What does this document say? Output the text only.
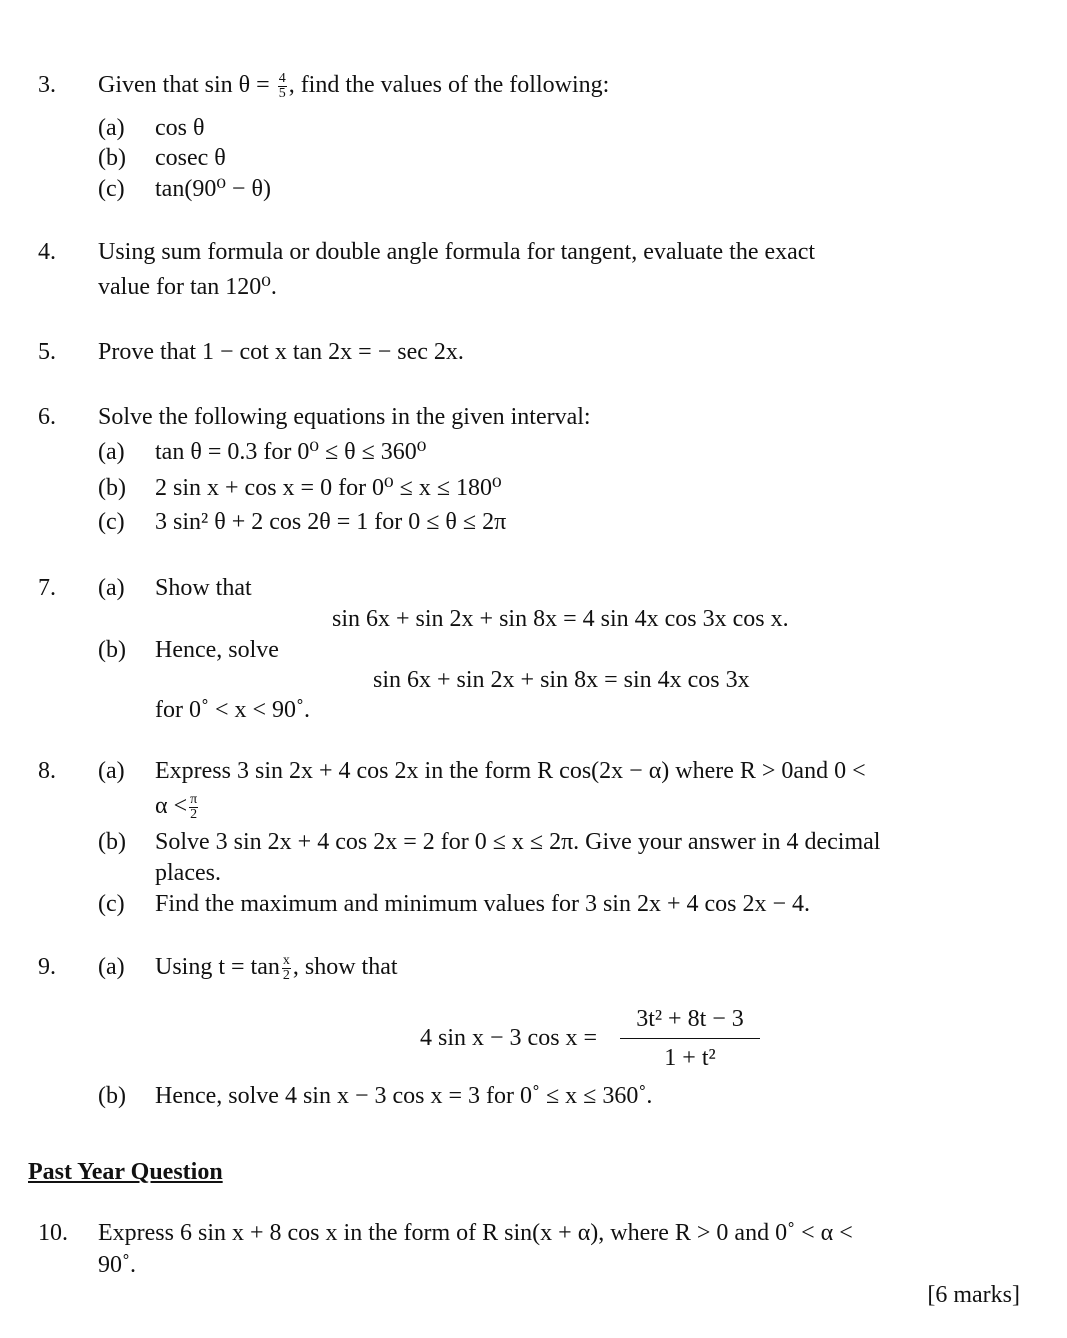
3. Given that $\sin \theta = \frac{4}{5}$ , find the values of the following:
(a) cos θ
(b) cosec θ
(c) tan(90⁰ − θ)
4. Using sum formula or double angle formula for tangent, evaluate the exact
value for tan 120⁰.
5. Prove that 1 − cot x tan 2x = − sec 2x.
6. Solve the following equations in the given interval:
(a) tan θ = 0.3 for 0⁰ ≤ θ ≤ 360⁰
(b) 2 sin x + cos x = 0 for 0⁰ ≤ x ≤ 180⁰
(c) 3 sin² θ + 2 cos 2θ = 1 for 0 ≤ θ ≤ 2π
7. (a) Show that
sin 6x + sin 2x + sin 8x = 4 sin 4x cos 3x cos x.
(b) Hence, solve
sin 6x + sin 2x + sin 8x = sin 4x cos 3x
for 0˚ < x < 90˚.
8. (a) Express 3 sin 2x + 4 cos 2x in the form R cos(2x − α) where R > 0and 0 <
$\alpha < \frac{\pi}{2}$
(b) Solve 3 sin 2x + 4 cos 2x = 2 for 0 ≤ x ≤ 2π. Give your answer in 4 decimal
places.
(c) Find the maximum and minimum values for 3 sin 2x + 4 cos 2x − 4.
9. (a) Using $t = \tan \frac{x}{2}$ , show that
4 sin x − 3 $\cos x = \frac{\text{3t² + 8t − 3}}{\text{1 + t²}}$
(b) Hence, solve 4 sin x − 3 cos x = 3 for 0˚ ≤ x ≤ 360˚.
Past Year Question
10. Express 6 sin x + 8 cos x in the form of R sin(x + α), where R > 0 and 0˚ < α <
90˚.
[6 marks]
